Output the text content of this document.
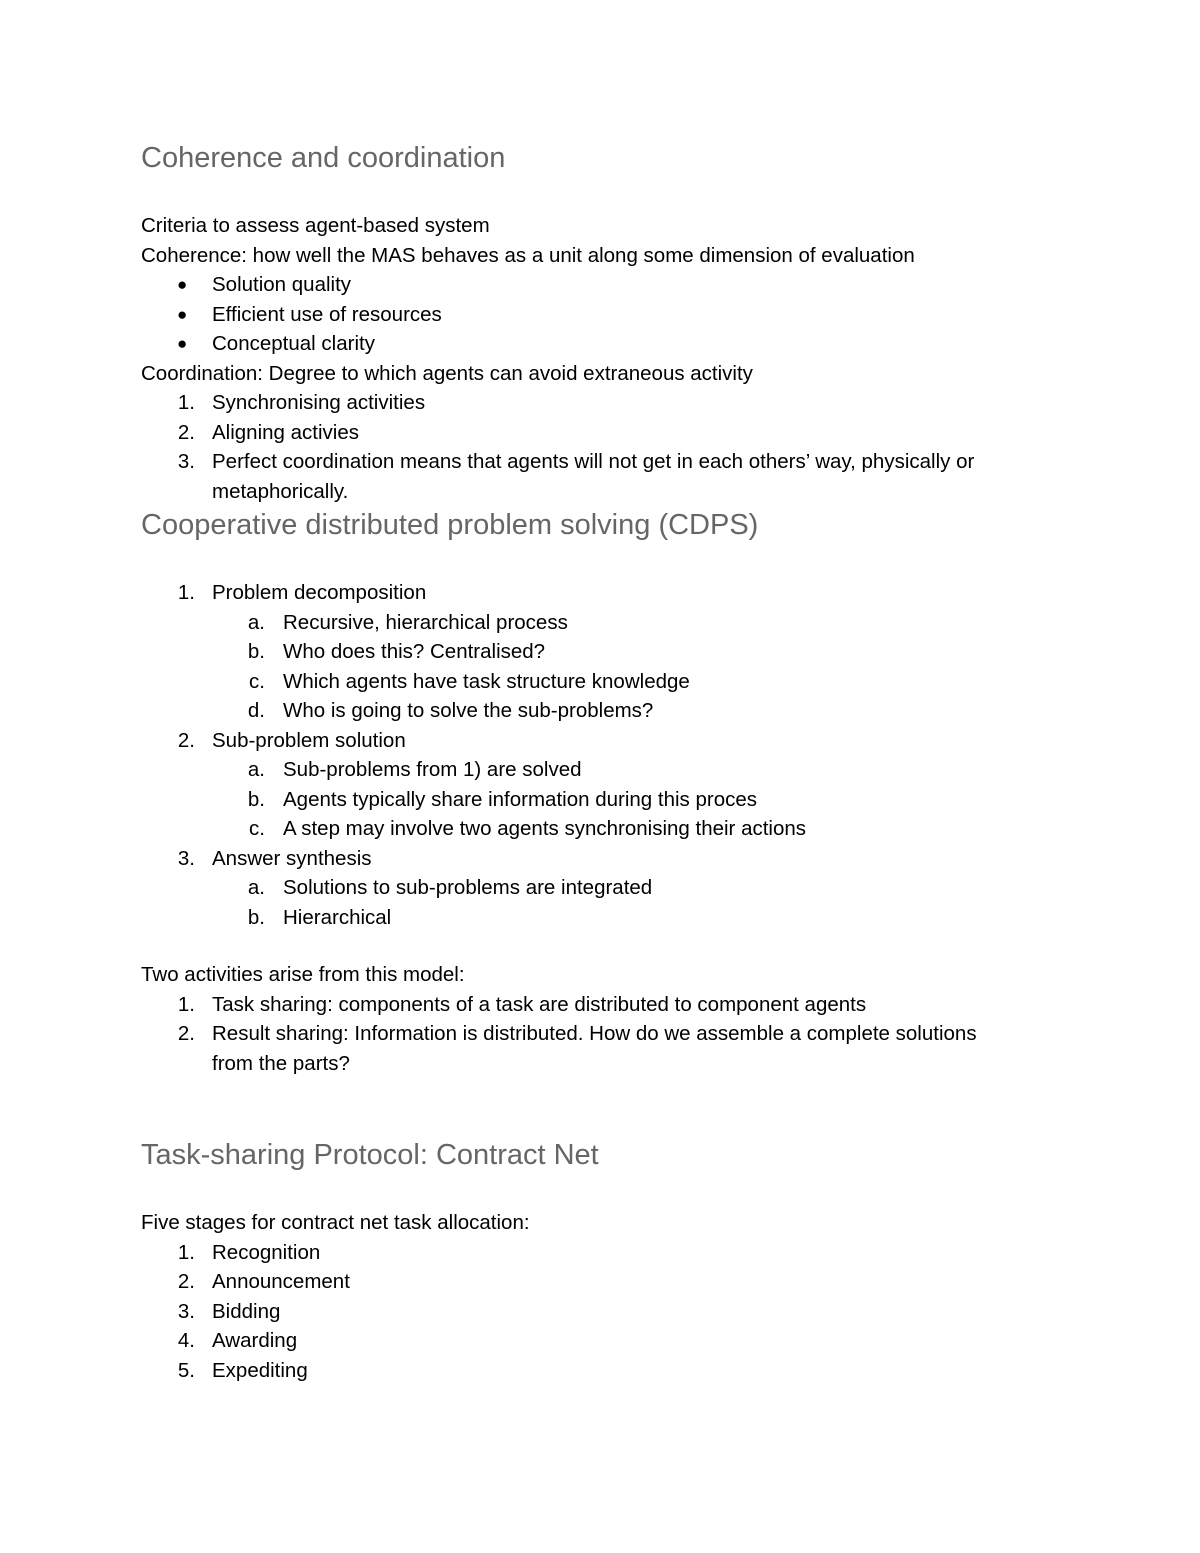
Coherence and coordination
Criteria to assess agent-based system
Coherence: how well the MAS behaves as a unit along some dimension of evaluation
● Solution quality
● Efficient use of resources
● Conceptual clarity
Coordination: Degree to which agents can avoid extraneous activity
1. Synchronising activities
2. Aligning activies
3. Perfect coordination means that agents will not get in each others’ way, physically or
metaphorically.
Cooperative distributed problem solving (CDPS)
1. Problem decomposition
a. Recursive, hierarchical process
b. Who does this? Centralised?
c. Which agents have task structure knowledge
d. Who is going to solve the sub-problems?
2. Sub-problem solution
a. Sub-problems from 1) are solved
b. Agents typically share information during this proces
c. A step may involve two agents synchronising their actions
3. Answer synthesis
a. Solutions to sub-problems are integrated
b. Hierarchical
Two activities arise from this model:
1. Task sharing: components of a task are distributed to component agents
2. Result sharing: Information is distributed. How do we assemble a complete solutions
from the parts?
Task-sharing Protocol: Contract Net
Five stages for contract net task allocation:
1. Recognition
2. Announcement
3. Bidding
4. Awarding
5. Expediting
